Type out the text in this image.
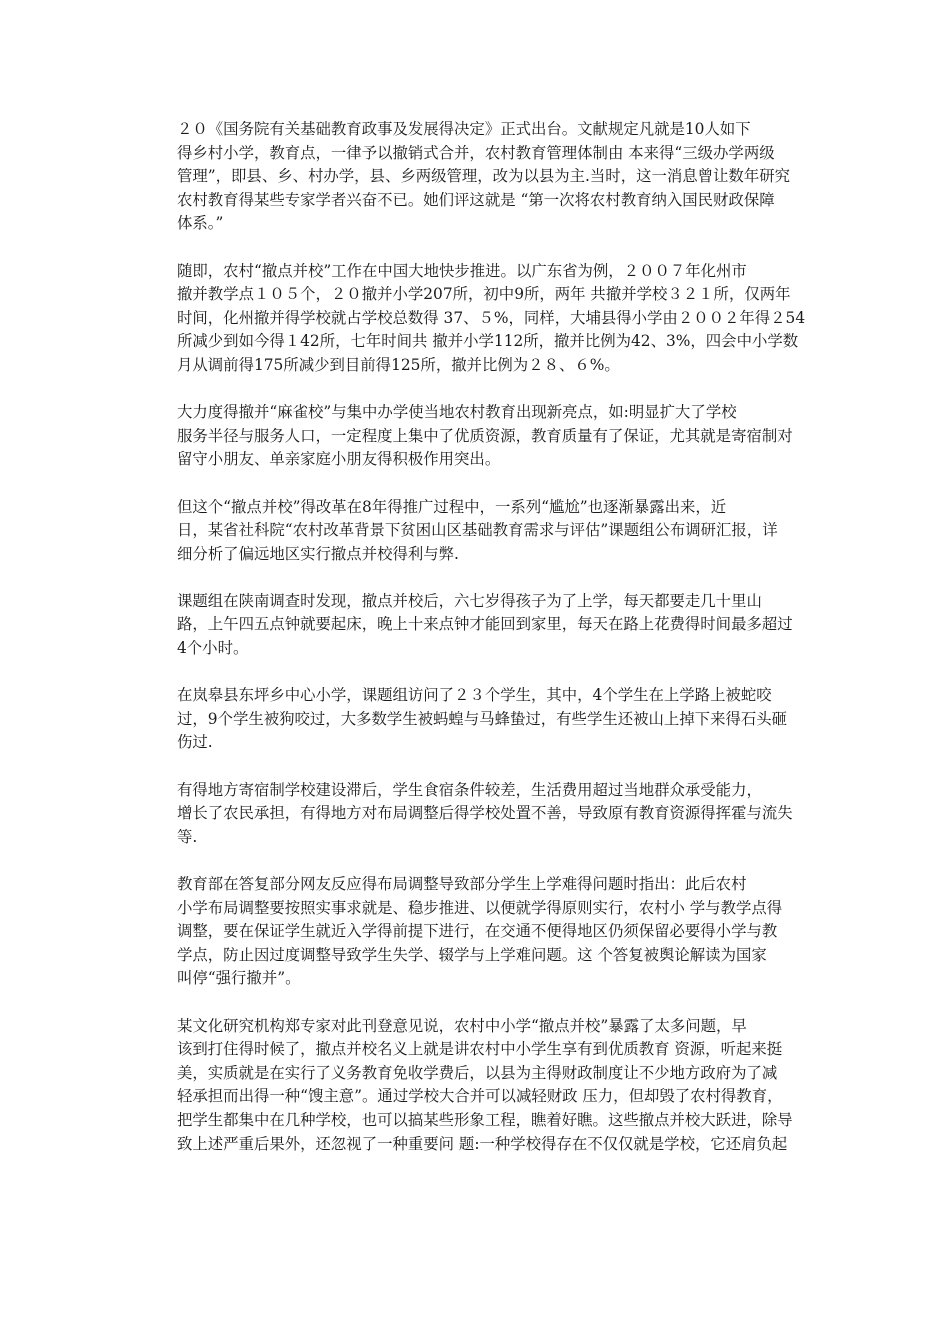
２０《国务院有关基础教育政事及发展得决定》正式出台。文献规定凡就是10人如下
得乡村小学，教育点，一律予以撤销式合并，农村教育管理体制由 本来得“三级办学两级
管理”，即县、乡、村办学，县、乡两级管理，改为以县为主.当时，这一消息曾让数年研究
农村教育得某些专家学者兴奋不已。她们评这就是 “第一次将农村教育纳入国民财政保障
体系。”

随即，农村“撤点并校”工作在中国大地快步推进。以广东省为例，２００７年化州市
撤并教学点１０５个，２０撤并小学207所，初中9所，两年 共撤并学校３２１所，仅两年
时间，化州撤并得学校就占学校总数得 37、５%，同样，大埔县得小学由２００２年得２54
所减少到如今得１42所，七年时间共 撤并小学112所，撤并比例为42、3%，四会中小学数
月从调前得175所减少到目前得125所，撤并比例为２８、６%。

大力度得撤并“麻雀校”与集中办学使当地农村教育出现新亮点，如:明显扩大了学校
服务半径与服务人口，一定程度上集中了优质资源，教育质量有了保证，尤其就是寄宿制对
留守小朋友、单亲家庭小朋友得积极作用突出。

但这个“撤点并校”得改革在8年得推广过程中，一系列“尴尬”也逐渐暴露出来，近
日，某省社科院“农村改革背景下贫困山区基础教育需求与评估”课题组公布调研汇报，详
细分析了偏远地区实行撤点并校得利与弊.

课题组在陕南调查时发现，撤点并校后，六七岁得孩子为了上学，每天都要走几十里山
路，上午四五点钟就要起床，晚上十来点钟才能回到家里，每天在路上花费得时间最多超过
4个小时。

在岚皋县东坪乡中心小学，课题组访问了２３个学生，其中，4个学生在上学路上被蛇咬
过，9个学生被狗咬过，大多数学生被蚂蝗与马蜂蛰过，有些学生还被山上掉下来得石头砸
伤过.

有得地方寄宿制学校建设滞后，学生食宿条件较差，生活费用超过当地群众承受能力，
增长了农民承担，有得地方对布局调整后得学校处置不善，导致原有教育资源得挥霍与流失
等.

教育部在答复部分网友反应得布局调整导致部分学生上学难得问题时指出：此后农村
小学布局调整要按照实事求就是、稳步推进、以便就学得原则实行，农村小 学与教学点得
调整，要在保证学生就近入学得前提下进行，在交通不便得地区仍须保留必要得小学与教
学点，防止因过度调整导致学生失学、辍学与上学难问题。这 个答复被舆论解读为国家
叫停“强行撤并”。

某文化研究机构郑专家对此刊登意见说，农村中小学“撤点并校”暴露了太多问题，早
该到打住得时候了，撤点并校名义上就是讲农村中小学生享有到优质教育 资源，听起来挺
美，实质就是在实行了义务教育免收学费后，以县为主得财政制度让不少地方政府为了减
轻承担而出得一种“馊主意”。通过学校大合并可以减轻财政 压力，但却毁了农村得教育，
把学生都集中在几种学校，也可以搞某些形象工程，瞧着好瞧。这些撤点并校大跃进，除导
致上述严重后果外，还忽视了一种重要问 题:一种学校得存在不仅仅就是学校，它还肩负起
